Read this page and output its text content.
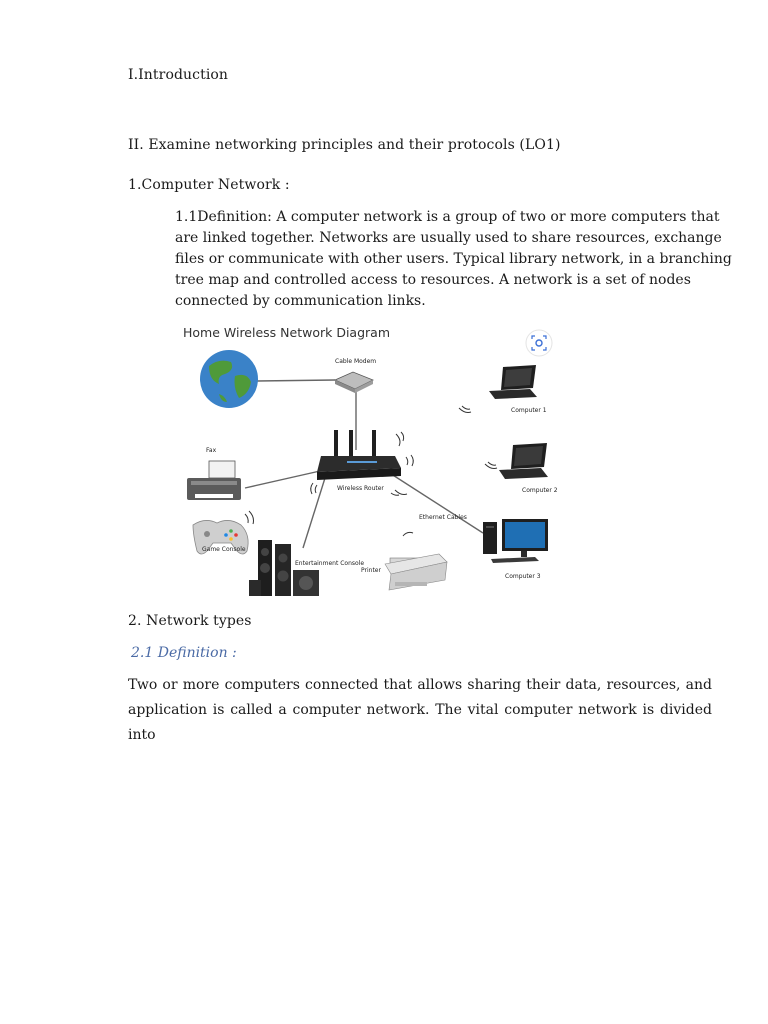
I.Introduction
II. Examine networking principles and their protocols (LO1)
1.Computer Network :
1.1Definition: A computer network is a group of two or more computers that
are linked together. Networks are usually used to share resources, exchange
files or communicate with other users. Typical library network, in a branching
tree map and controlled access to resources. A network is a set of nodes
connected by communication links.
Home Wireless Network Diagram
Cable Modem
Computer 1
Fax
Wireless Router	Computer 2
Ethernet Cables
Game Console
Entertainment Console
Printer
Computer 3
2. Network types
2.1 Definition :
Two or more computers connected that allows sharing their data, resources, and
application is called a computer network. The vital computer network is divided into
